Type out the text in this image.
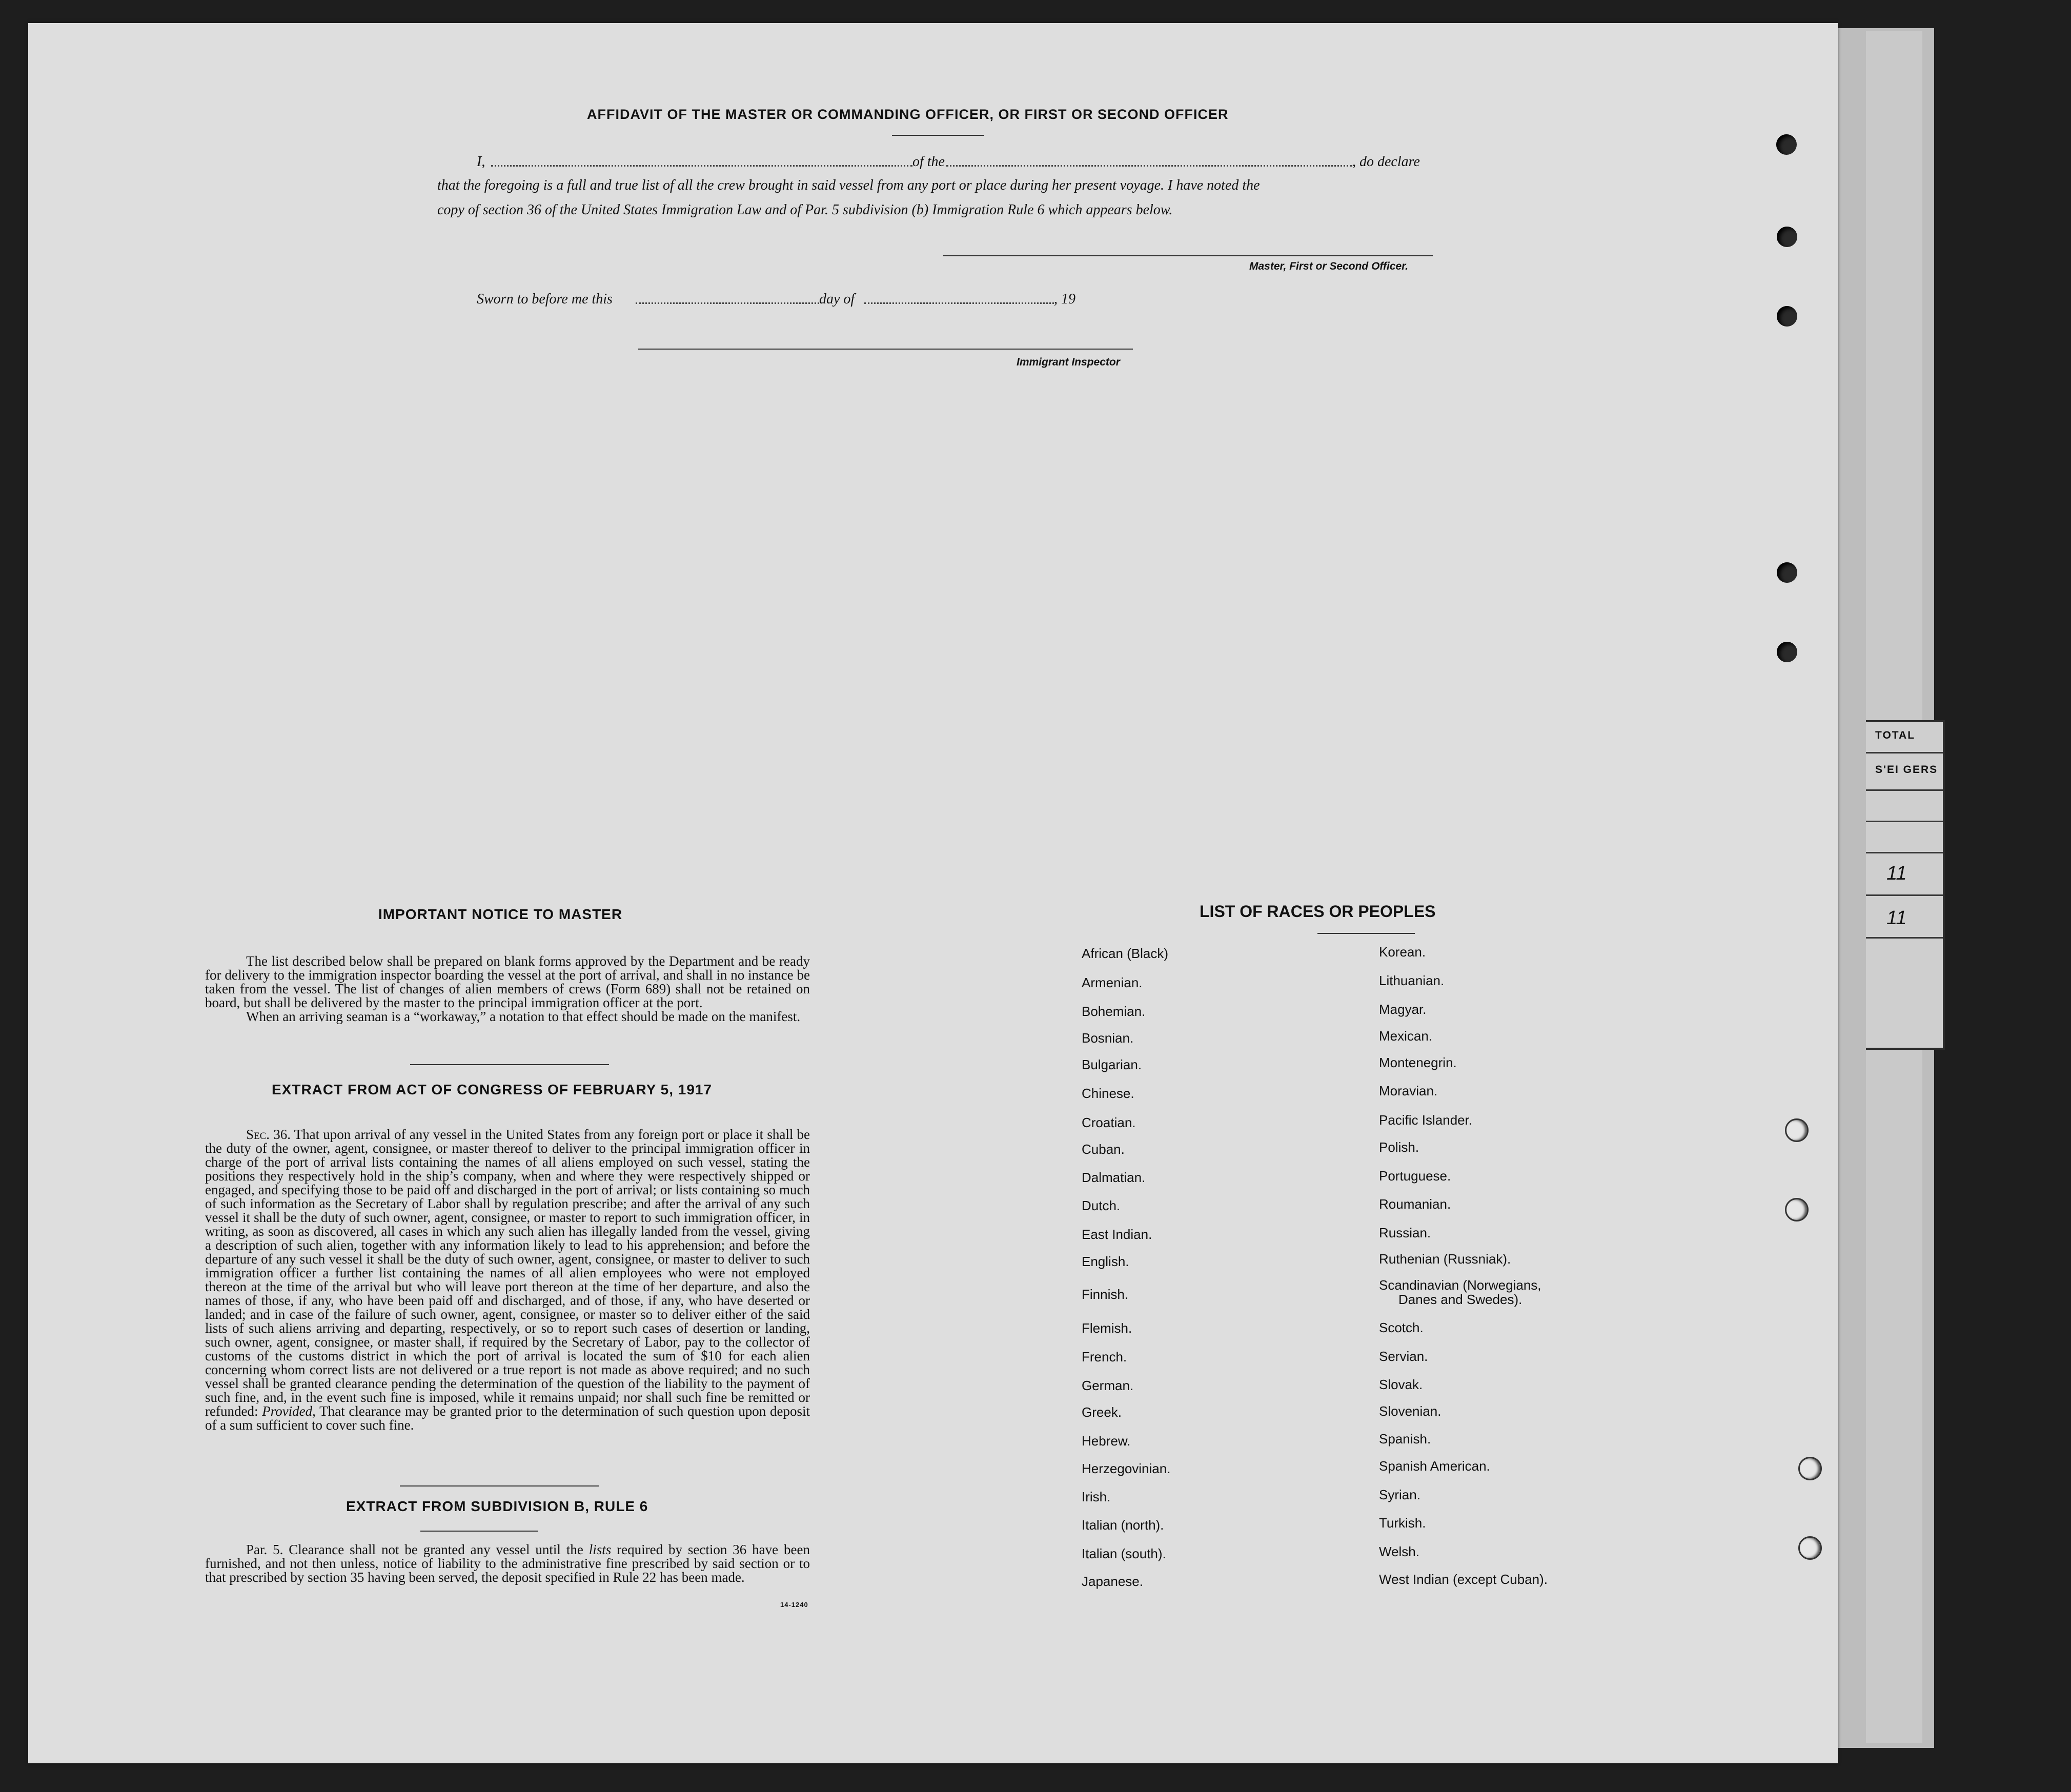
TOTAL
S'EI GERS
11
11
AFFIDAVIT OF THE MASTER OR COMMANDING OFFICER, OR FIRST OR SECOND OFFICER
I,	of the	, do declare
that the foregoing is a full and true list of all the crew brought in said vessel from any port or place during her present voyage. I have noted the
copy of section 36 of the United States Immigration Law and of Par. 5 subdivision (b) Immigration Rule 6 which appears below.
Master, First or Second Officer.
Sworn to before me this	day of	, 19
Immigrant Inspector
IMPORTANT NOTICE TO MASTER

The list described below shall be prepared on blank forms approved by the Department and be ready for delivery to the immigration inspector boarding the vessel at the port of arrival, and shall in no instance be taken from the vessel. The list of changes of alien members of crews (Form 689) shall not be retained on board, but shall be delivered by the master to the principal immigration officer at the port.

When an arriving seaman is a “workaway,” a notation to that effect should be made on the manifest.

EXTRACT FROM ACT OF CONGRESS OF FEBRUARY 5, 1917

Sec. 36. That upon arrival of any vessel in the United States from any foreign port or place it shall be the duty of the owner, agent, consignee, or master thereof to deliver to the principal immigration officer in charge of the port of arrival lists containing the names of all aliens employed on such vessel, stating the positions they respectively hold in the ship’s company, when and where they were respectively shipped or engaged, and specifying those to be paid off and discharged in the port of arrival; or lists containing so much of such information as the Secretary of Labor shall by regulation prescribe; and after the arrival of any such vessel it shall be the duty of such owner, agent, consignee, or master to report to such immigration officer, in writing, as soon as discovered, all cases in which any such alien has illegally landed from the vessel, giving a description of such alien, together with any information likely to lead to his apprehension; and before the departure of any such vessel it shall be the duty of such owner, agent, consignee, or master to deliver to such immigration officer a further list containing the names of all alien employees who were not employed thereon at the time of the arrival but who will leave port thereon at the time of her departure, and also the names of those, if any, who have been paid off and discharged, and of those, if any, who have deserted or landed; and in case of the failure of such owner, agent, consignee, or master so to deliver either of the said lists of such aliens arriving and departing, respectively, or so to report such cases of desertion or landing, such owner, agent, consignee, or master shall, if required by the Secretary of Labor, pay to the collector of customs of the customs district in which the port of arrival is located the sum of $10 for each alien concerning whom correct lists are not delivered or a true report is not made as above required; and no such vessel shall be granted clearance pending the determination of the question of the liability to the payment of such fine, and, in the event such fine is imposed, while it remains unpaid; nor shall such fine be remitted or refunded: Provided, That clearance may be granted prior to the determination of such question upon deposit of a sum sufficient to cover such fine.

EXTRACT FROM SUBDIVISION B, RULE 6

Par. 5. Clearance shall not be granted any vessel until the lists required by section 36 have been furnished, and not then unless, notice of liability to the administrative fine prescribed by said section or to that prescribed by section 35 having been served, the deposit specified in Rule 22 has been made.

14-1240
LIST OF RACES OR PEOPLES
African (Black)
Armenian.
Bohemian.
Bosnian.
Bulgarian.
Chinese.
Croatian.
Cuban.
Dalmatian.
Dutch.
East Indian.
English.
Finnish.
Flemish.
French.
German.
Greek.
Hebrew.
Herzegovinian.
Irish.
Italian (north).
Italian (south).
Japanese.
Korean.
Lithuanian.
Magyar.
Mexican.
Montenegrin.
Moravian.
Pacific Islander.
Polish.
Portuguese.
Roumanian.
Russian.
Ruthenian (Russniak).
Scandinavian (Norwegians,
Danes and Swedes).
Scotch.
Servian.
Slovak.
Slovenian.
Spanish.
Spanish American.
Syrian.
Turkish.
Welsh.
West Indian (except Cuban).
